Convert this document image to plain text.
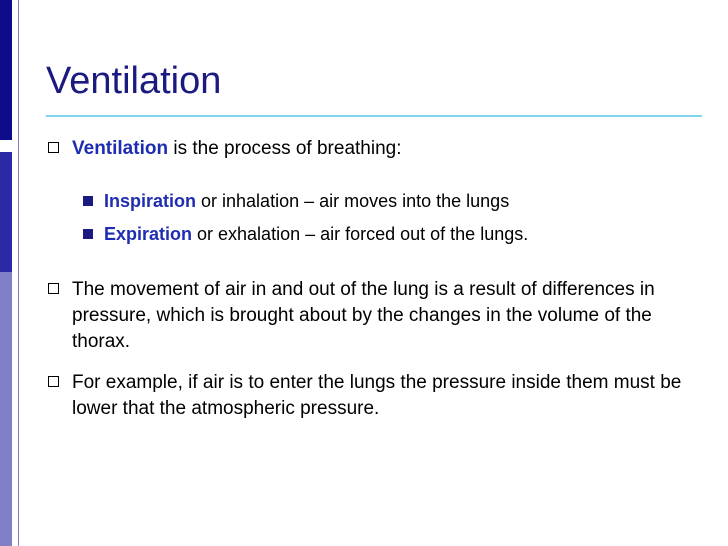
Ventilation
Ventilation is the process of breathing:
Inspiration or inhalation – air moves into the lungs
Expiration or exhalation – air forced out of the lungs.
The movement of air in and out of the lung is a result of differences in pressure, which is brought about by the changes in the volume of the thorax.
For example, if air is to enter the lungs the pressure inside them must be lower that the atmospheric pressure.
